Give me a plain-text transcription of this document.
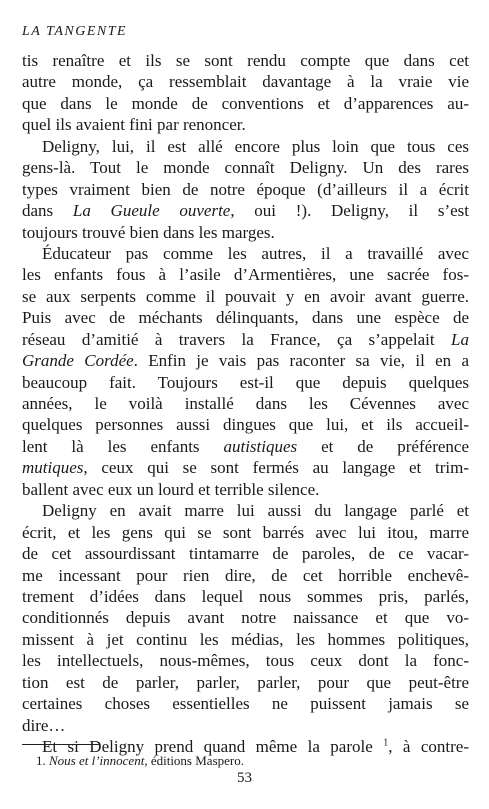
LA TANGENTE
tis renaître et ils se sont rendu compte que dans cet
autre monde, ça ressemblait davantage à la vraie vie
que dans le monde de conventions et d’apparences au-
quel ils avaient fini par renoncer.
Deligny, lui, il est allé encore plus loin que tous ces
gens-là. Tout le monde connaît Deligny. Un des rares
types vraiment bien de notre époque (d’ailleurs il a écrit
dans La Gueule ouverte, oui !). Deligny, il s’est
toujours trouvé bien dans les marges.
Éducateur pas comme les autres, il a travaillé avec
les enfants fous à l’asile d’Armentières, une sacrée fos-
se aux serpents comme il pouvait y en avoir avant guerre.
Puis avec de méchants délinquants, dans une espèce de
réseau d’amitié à travers la France, ça s’appelait La
Grande Cordée. Enfin je vais pas raconter sa vie, il en a
beaucoup fait. Toujours est-il que depuis quelques
années, le voilà installé dans les Cévennes avec
quelques personnes aussi dingues que lui, et ils accueil-
lent là les enfants autistiques et de préférence
mutiques, ceux qui se sont fermés au langage et trim-
ballent avec eux un lourd et terrible silence.
Deligny en avait marre lui aussi du langage parlé et
écrit, et les gens qui se sont barrés avec lui itou, marre
de cet assourdissant tintamarre de paroles, de ce vacar-
me incessant pour rien dire, de cet horrible enchevê-
trement d’idées dans lequel nous sommes pris, parlés,
conditionnés depuis avant notre naissance et que vo-
missent à jet continu les médias, les hommes politiques,
les intellectuels, nous-mêmes, tous ceux dont la fonc-
tion est de parler, parler, parler, pour que peut-être
certaines choses essentielles ne puissent jamais se
dire…
Et si Deligny prend quand même la parole $^1$, à contre-
1. Nous et l’innocent, éditions Maspero.
53
